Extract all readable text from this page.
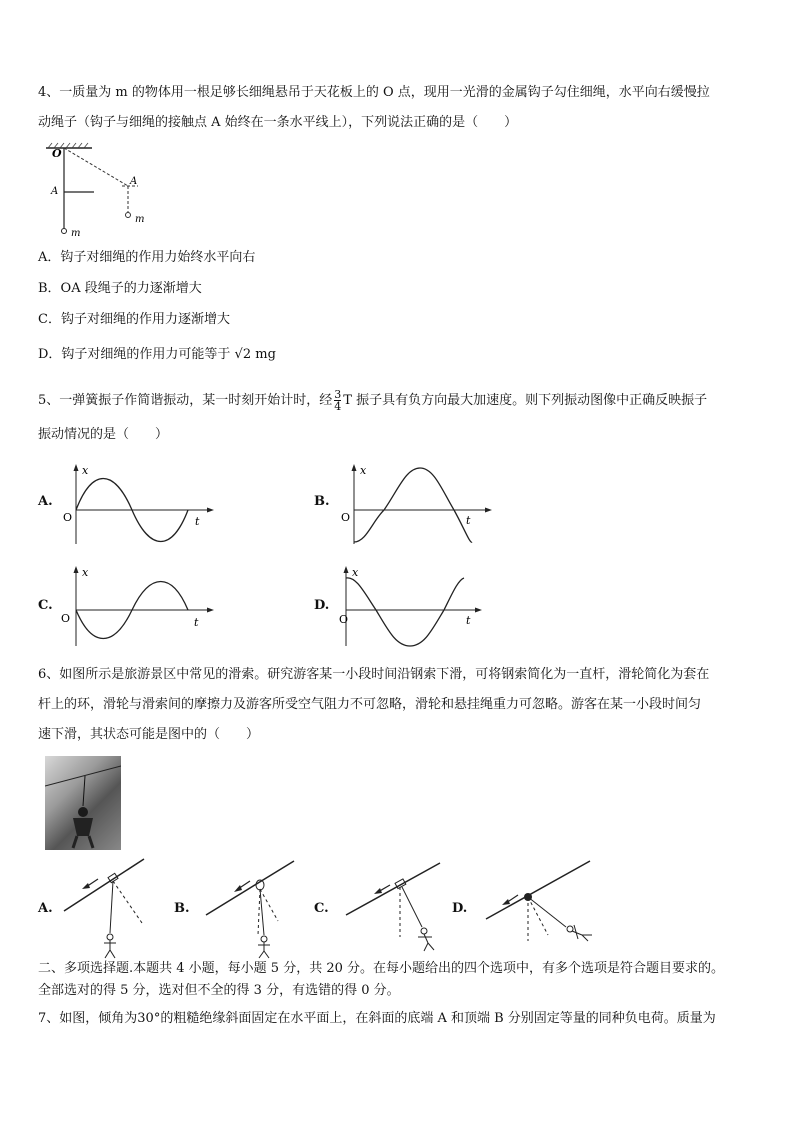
4、一质量为 m 的物体用一根足够长细绳悬吊于天花板上的 O 点，现用一光滑的金属钩子勾住细绳，水平向右缓慢拉
动绳子（钩子与细绳的接触点 A 始终在一条水平线上），下列说法正确的是（　　）
O
A
A
m
m
A．钩子对细绳的作用力始终水平向右
B．OA 段绳子的力逐渐增大
C．钩子对细绳的作用力逐渐增大
D．钩子对细绳的作用力可能等于 √2 mg
5、一弹簧振子作简谐振动，某一时刻开始计时，经 $\frac{3}{4}$ T 振子具有负方向最大加速度。则下列振动图像中正确反映振子
振动情况的是（　　）
A.
x
O	t
B.
x
O	t
C.
x
O	t
D.
x
O	t
6、如图所示是旅游景区中常见的滑索。研究游客某一小段时间沿钢索下滑，可将钢索简化为一直杆，滑轮简化为套在
杆上的环，滑轮与滑索间的摩擦力及游客所受空气阻力不可忽略，滑轮和悬挂绳重力可忽略。游客在某一小段时间匀
速下滑，其状态可能是图中的（　　）
A.	B.	C.	D.
二、多项选择题.本题共 4 小题，每小题 5 分，共 20 分。在每小题给出的四个选项中，有多个选项是符合题目要求的。
全部选对的得 5 分，选对但不全的得 3 分，有选错的得 0 分。
7、如图，倾角为30°的粗糙绝缘斜面固定在水平面上，在斜面的底端 A 和顶端 B 分别固定等量的同种负电荷。质量为
